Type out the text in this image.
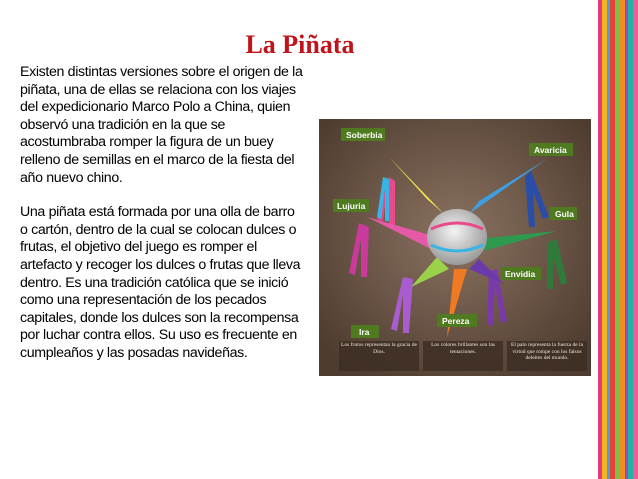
La Piñata

Existen distintas versiones sobre el origen de la piñata, una de ellas se relaciona con los viajes del expedicionario Marco Polo a China, quien observó una tradición en la que se acostumbraba romper la figura de un buey relleno de semillas en el marco de la fiesta del año nuevo chino.

Una piñata está formada por una olla de barro o cartón, dentro de la cual se colocan dulces o frutas, el objetivo del juego es romper el artefacto y recoger los dulces o frutas que lleva dentro. Es una tradición católica que se inició como una representación de los pecados capitales, donde los dulces son la recompensa por luchar contra ellos. Su uso es frecuente en cumpleaños y las posadas navideñas.

Soberbia
Avaricia
Lujuria
Gula
Envidia
Ira
Pereza
Los frutos representan la gracia de Dios.
Los colores brillantes son las tentaciones.
El palo representa la fuerza de la virtud que rompe con los falsos deleites del mundo.
